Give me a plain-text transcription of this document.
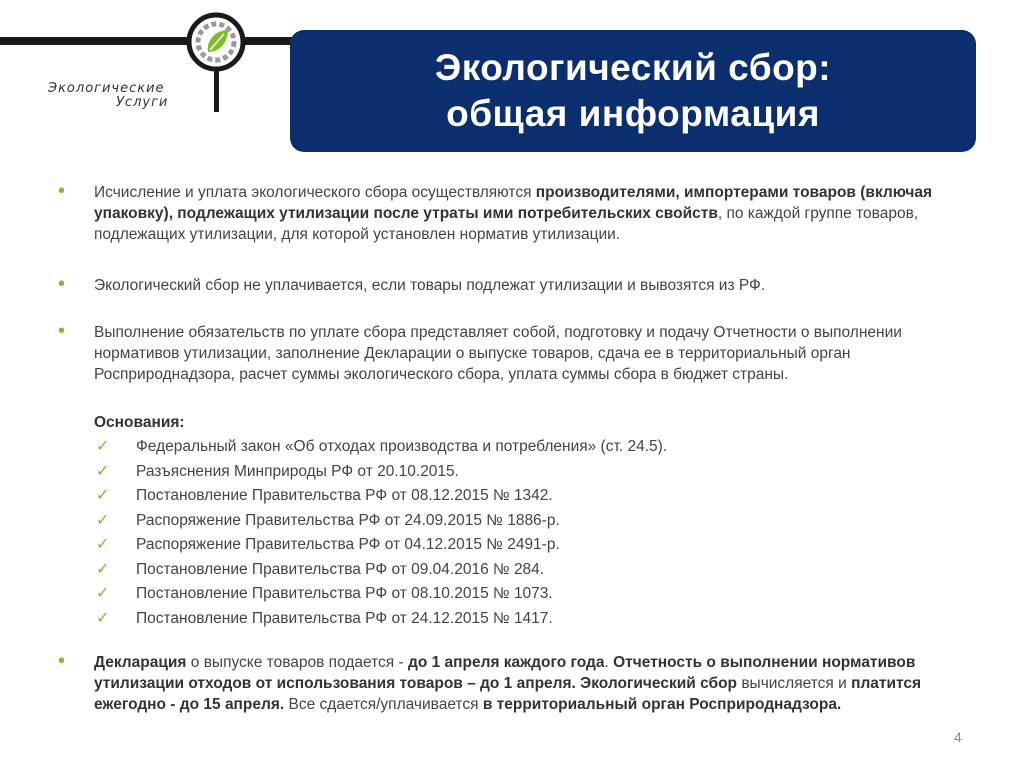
Экологические
Услуги
Экологический сбор:
общая информация

• Исчисление и уплата экологического сбора осуществляются производителями, импортерами товаров (включая упаковку), подлежащих утилизации после утраты ими потребительских свойств, по каждой группе товаров, подлежащих утилизации, для которой установлен норматив утилизации.

• Экологический сбор не уплачивается, если товары подлежат утилизации и вывозятся из РФ.

• Выполнение обязательств по уплате сбора представляет собой, подготовку и подачу Отчетности о выполнении нормативов утилизации, заполнение Декларации о выпуске товаров, сдача ее в территориальный орган Росприроднадзора, расчет суммы экологического сбора, уплата суммы сбора в бюджет страны.

Основания:
✓ Федеральный закон «Об отходах производства и потребления» (ст. 24.5).
✓ Разъяснения Минприроды РФ от 20.10.2015.
✓ Постановление Правительства РФ от 08.12.2015 № 1342.
✓ Распоряжение Правительства РФ от 24.09.2015 № 1886-р.
✓ Распоряжение Правительства РФ от 04.12.2015 № 2491-р.
✓ Постановление Правительства РФ от 09.04.2016 № 284.
✓ Постановление Правительства РФ от 08.10.2015 № 1073.
✓ Постановление Правительства РФ от 24.12.2015 № 1417.

• Декларация о выпуске товаров подается - до 1 апреля каждого года. Отчетность о выполнении нормативов утилизации отходов от использования товаров – до 1 апреля. Экологический сбор вычисляется и платится ежегодно - до 15 апреля. Все сдается/уплачивается в территориальный орган Росприроднадзора.

4
